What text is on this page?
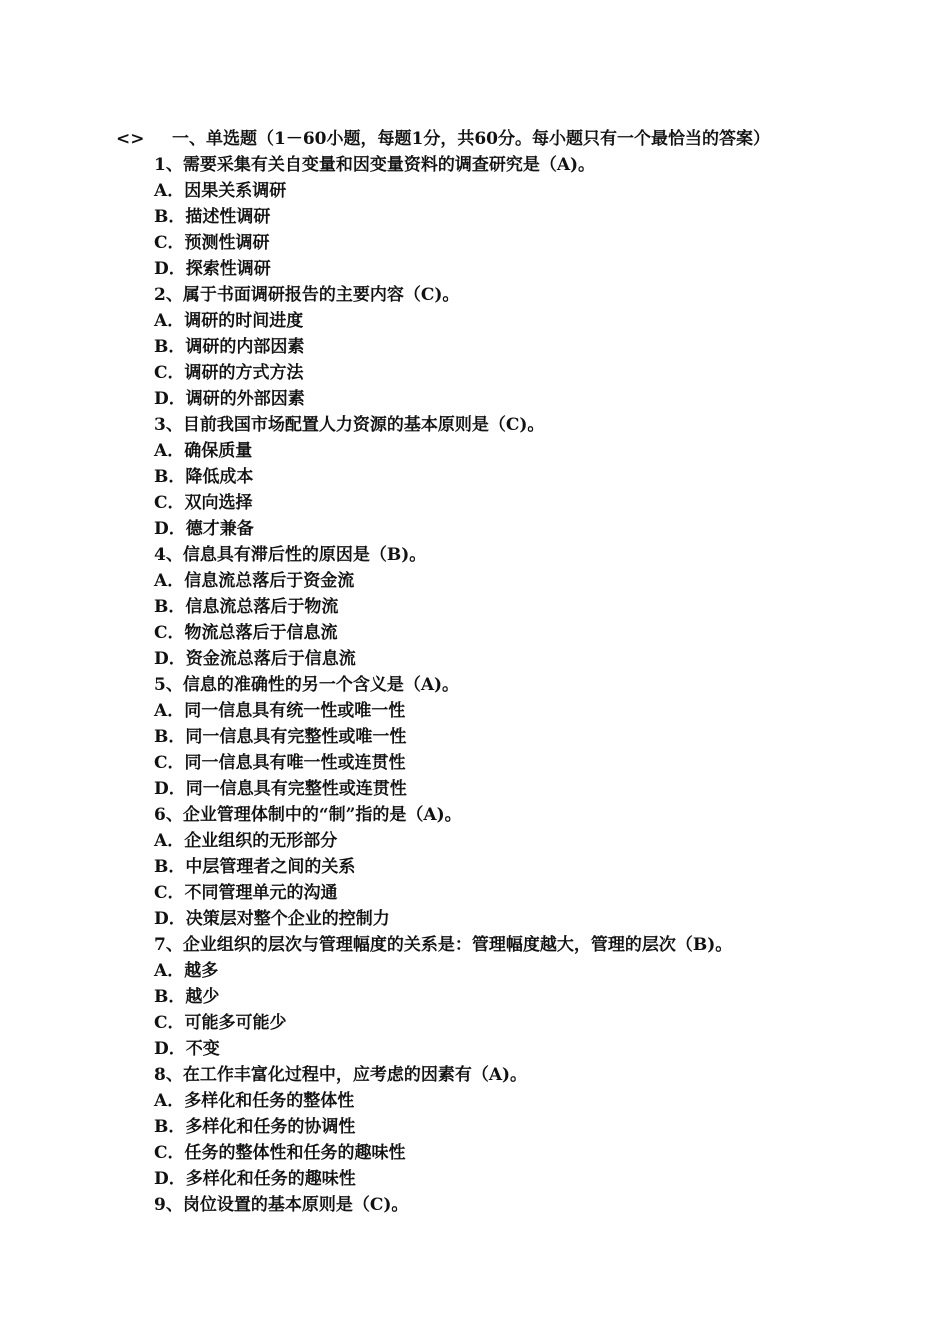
<> 一、单选题（1－60小题，每题1分，共60分。每小题只有一个最恰当的答案）
1、需要采集有关自变量和因变量资料的调查研究是（A)。
A．因果关系调研
B．描述性调研
C．预测性调研
D．探索性调研
2、属于书面调研报告的主要内容（C)。
A．调研的时间进度
B．调研的内部因素
C．调研的方式方法
D．调研的外部因素
3、目前我国市场配置人力资源的基本原则是（C)。
A．确保质量
B．降低成本
C．双向选择
D．德才兼备
4、信息具有滞后性的原因是（B)。
A．信息流总落后于资金流
B．信息流总落后于物流
C．物流总落后于信息流
D．资金流总落后于信息流
5、信息的准确性的另一个含义是（A)。
A．同一信息具有统一性或唯一性
B．同一信息具有完整性或唯一性
C．同一信息具有唯一性或连贯性
D．同一信息具有完整性或连贯性
6、企业管理体制中的“制”指的是（A)。
A．企业组织的无形部分
B．中层管理者之间的关系
C．不同管理单元的沟通
D．决策层对整个企业的控制力
7、企业组织的层次与管理幅度的关系是：管理幅度越大，管理的层次（B)。
A．越多
B．越少
C．可能多可能少
D．不变
8、在工作丰富化过程中，应考虑的因素有（A)。
A．多样化和任务的整体性
B．多样化和任务的协调性
C．任务的整体性和任务的趣味性
D．多样化和任务的趣味性
9、岗位设置的基本原则是（C)。
